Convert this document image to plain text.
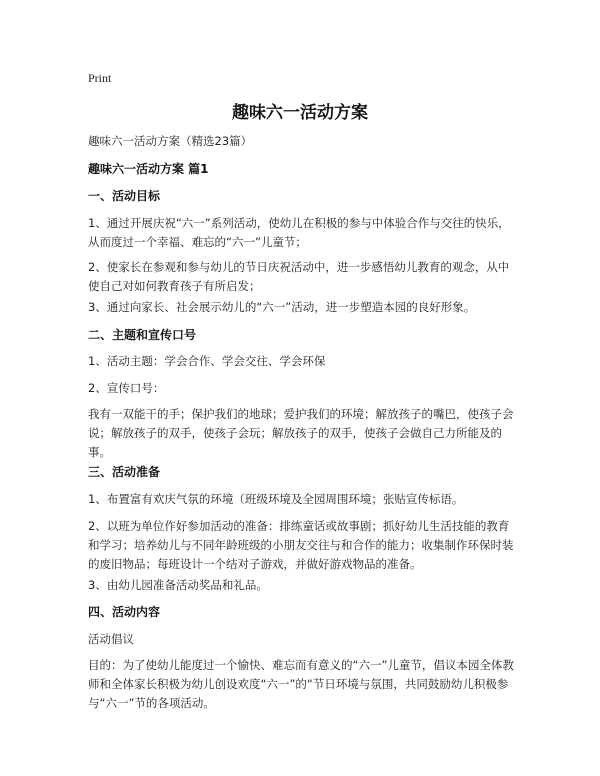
Print
趣味六一活动方案
趣味六一活动方案（精选23篇）
趣味六一活动方案 篇1
一、活动目标
1、通过开展庆祝“六一”系列活动，使幼儿在积极的参与中体验合作与交往的快乐，从而度过一个幸福、难忘的“六一”儿童节；
2、使家长在参观和参与幼儿的节日庆祝活动中，进一步感悟幼儿教育的观念，从中使自己对如何教育孩子有所启发；
3、通过向家长、社会展示幼儿的“六一”活动，进一步塑造本园的良好形象。
二、主题和宣传口号
1、活动主题：学会合作、学会交往、学会环保
2、宣传口号：
我有一双能干的手；保护我们的地球；爱护我们的环境；解放孩子的嘴巴，使孩子会说；解放孩子的双手，使孩子会玩；解放孩子的双手，使孩子会做自己力所能及的事。
三、活动准备
1、布置富有欢庆气氛的环境（班级环境及全园周围环境；张贴宣传标语。
2、以班为单位作好参加活动的准备：排练童话或故事剧；抓好幼儿生活技能的教育和学习；培养幼儿与不同年龄班级的小朋友交往与和合作的能力；收集制作环保时装的废旧物品；每班设计一个结对子游戏，并做好游戏物品的准备。
3、由幼儿园准备活动奖品和礼品。
四、活动内容
活动倡议
目的：为了使幼儿能度过一个愉快、难忘而有意义的“六一”儿童节，倡议本园全体教师和全体家长积极为幼儿创设欢度“六一”的“节日环境与氛围，共同鼓励幼儿积极参与“六一”节的各项活动。
